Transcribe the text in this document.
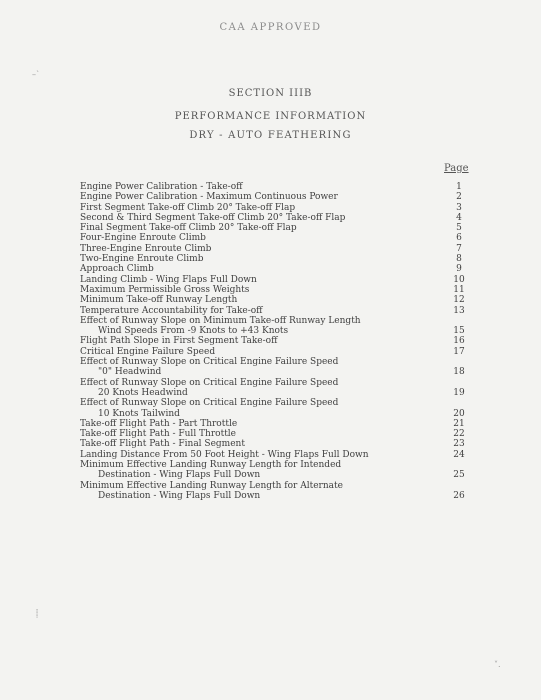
CAA APPROVED
–ˋ
SECTION IIIB
PERFORMANCE INFORMATION
DRY - AUTO FEATHERING
Page
Engine Power Calibration - Take-off	1
Engine Power Calibration - Maximum Continuous Power	2
First Segment Take-off Climb 20° Take-off Flap	3
Second & Third Segment Take-off Climb 20° Take-off Flap	4
Final Segment Take-off Climb 20° Take-off Flap	5
Four-Engine Enroute Climb	6
Three-Engine Enroute Climb	7
Two-Engine Enroute Climb	8
Approach Climb	9
Landing Climb - Wing Flaps Full Down	10
Maximum Permissible Gross Weights	11
Minimum Take-off Runway Length	12
Temperature Accountability for Take-off	13
Effect of Runway Slope on Minimum Take-off Runway Length
Wind Speeds From -9 Knots to +43 Knots	15
Flight Path Slope in First Segment Take-off	16
Critical Engine Failure Speed	17
Effect of Runway Slope on Critical Engine Failure Speed
"0" Headwind	18
Effect of Runway Slope on Critical Engine Failure Speed
20 Knots Headwind	19
Effect of Runway Slope on Critical Engine Failure Speed
10 Knots Tailwind	20
Take-off Flight Path - Part Throttle	21
Take-off Flight Path - Full Throttle	22
Take-off Flight Path - Final Segment	23
Landing Distance From 50 Foot Height - Wing Flaps Full Down	24
Minimum Effective Landing Runway Length for Intended
Destination - Wing Flaps Full Down	25
Minimum Effective Landing Runway Length for Alternate
Destination - Wing Flaps Full Down	26
⸽
˅.
